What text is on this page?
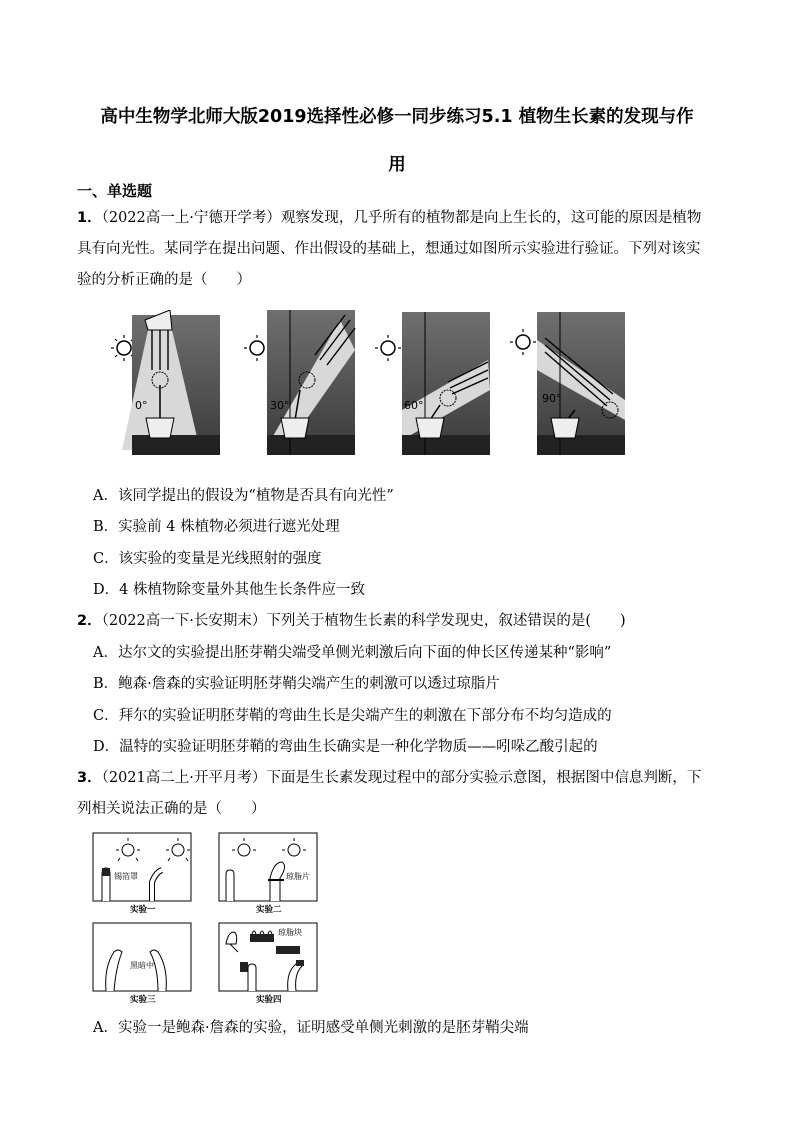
高中生物学北师大版2019选择性必修一同步练习5.1 植物生长素的发现与作
用
一、单选题
1．（2022高一上·宁德开学考）观察发现，几乎所有的植物都是向上生长的，这可能的原因是植物具有向光性。某同学在提出问题、作出假设的基础上，想通过如图所示实验进行验证。下列对该实验的分析正确的是（　　）
0°	30°	60°
90°
A．该同学提出的假设为“植物是否具有向光性”
B．实验前 4 株植物必须进行遮光处理
C．该实验的变量是光线照射的强度
D．4 株植物除变量外其他生长条件应一致
2．（2022高一下·长安期末）下列关于植物生长素的科学发现史，叙述错误的是(　　)
A．达尔文的实验提出胚芽鞘尖端受单侧光刺激后向下面的伸长区传递某种“影响”
B．鲍森·詹森的实验证明胚芽鞘尖端产生的刺激可以透过琼脂片
C．拜尔的实验证明胚芽鞘的弯曲生长是尖端产生的刺激在下部分布不均匀造成的
D．温特的实验证明胚芽鞘的弯曲生长确实是一种化学物质——吲哚乙酸引起的
3．（2021高二上·开平月考）下面是生长素发现过程中的部分实验示意图，根据图中信息判断，下列相关说法正确的是（　　）
锡箔罩
实验一
琼脂片
实验二
黑暗中
实验三
琼脂块
实验四
A．实验一是鲍森·詹森的实验，证明感受单侧光刺激的是胚芽鞘尖端
